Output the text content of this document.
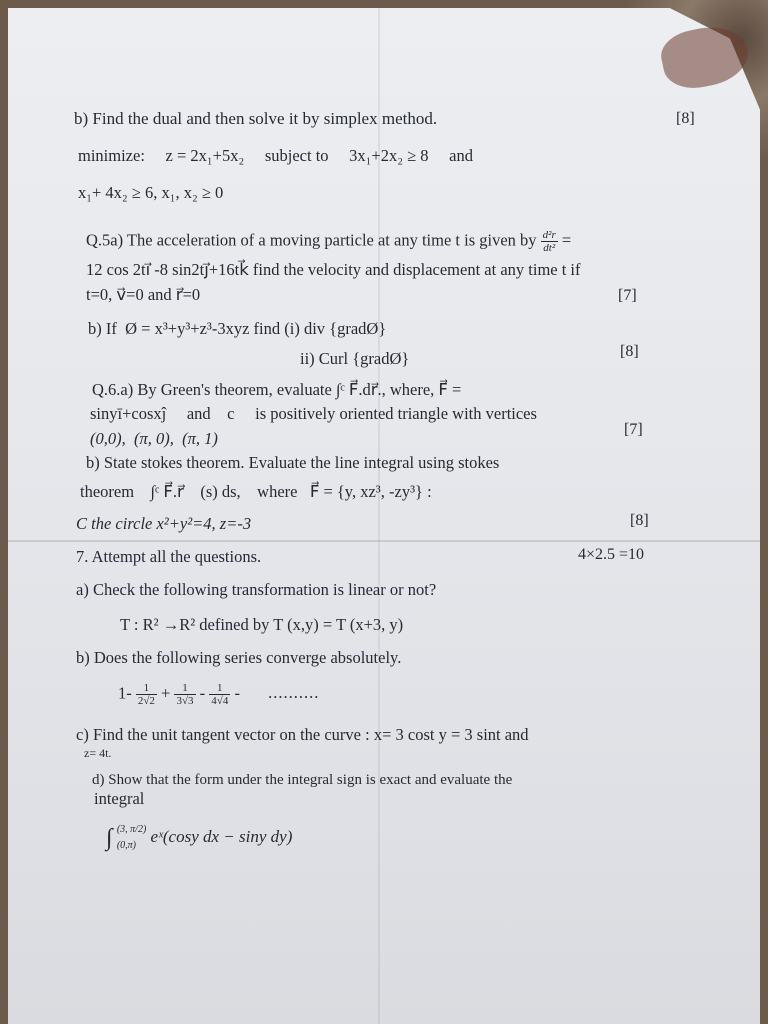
b) Find the dual and then solve it by simplex method.	[8]
minimize:     z = 2x₁+5x₂     subject to     3x₁+2x₂ ≥ 8     and
x₁+ 4x₂ ≥ 6, x₁, x₂ ≥ 0
Q.5a) The acceleration of a moving particle at any time t is given by $\frac{\text{d²r}}{\text{dt²}}$ =
12 cos 2ti⃗ -8 sin2tj⃗+16tk⃗ find the velocity and displacement at any time t if
t=0, v⃗=0 and r⃗=0	[7]
b) If  Ø = x³+y³+z³-3xyz find (i) div {gradØ}
ii) Curl {gradØ}	[8]
Q.6.a) By Green's theorem, evaluate ∫ᶜ F⃗.dr⃗., where, F⃗ =
sinyī+cosxĵ     and    c     is positively oriented triangle with vertices
(0,0),  (π, 0),  (π, 1)	[7]
b) State stokes theorem. Evaluate the line integral using stokes
theorem    ∫ᶜ F⃗.r⃗    (s) ds,    where   F⃗ = {y, xz³, -zy³} :
C the circle x²+y²=4, z=-3	[8]
7. Attempt all the questions.	4×2.5 =10
a) Check the following transformation is linear or not?
T : R² →R² defined by T (x,y) = T (x+3, y)
b) Does the following series converge absolutely.
$1- \frac{1}{2√2} + \frac{1}{3√3} - \frac{1}{4√4}$ - ..........
c) Find the unit tangent vector on the curve : x= 3 cost y = 3 sint and
z= 4t.
d) Show that the form under the integral sign is exact and evaluate the
integral
∫ (3, π/2)
(0,π) eˣ(cosy dx − siny dy)
